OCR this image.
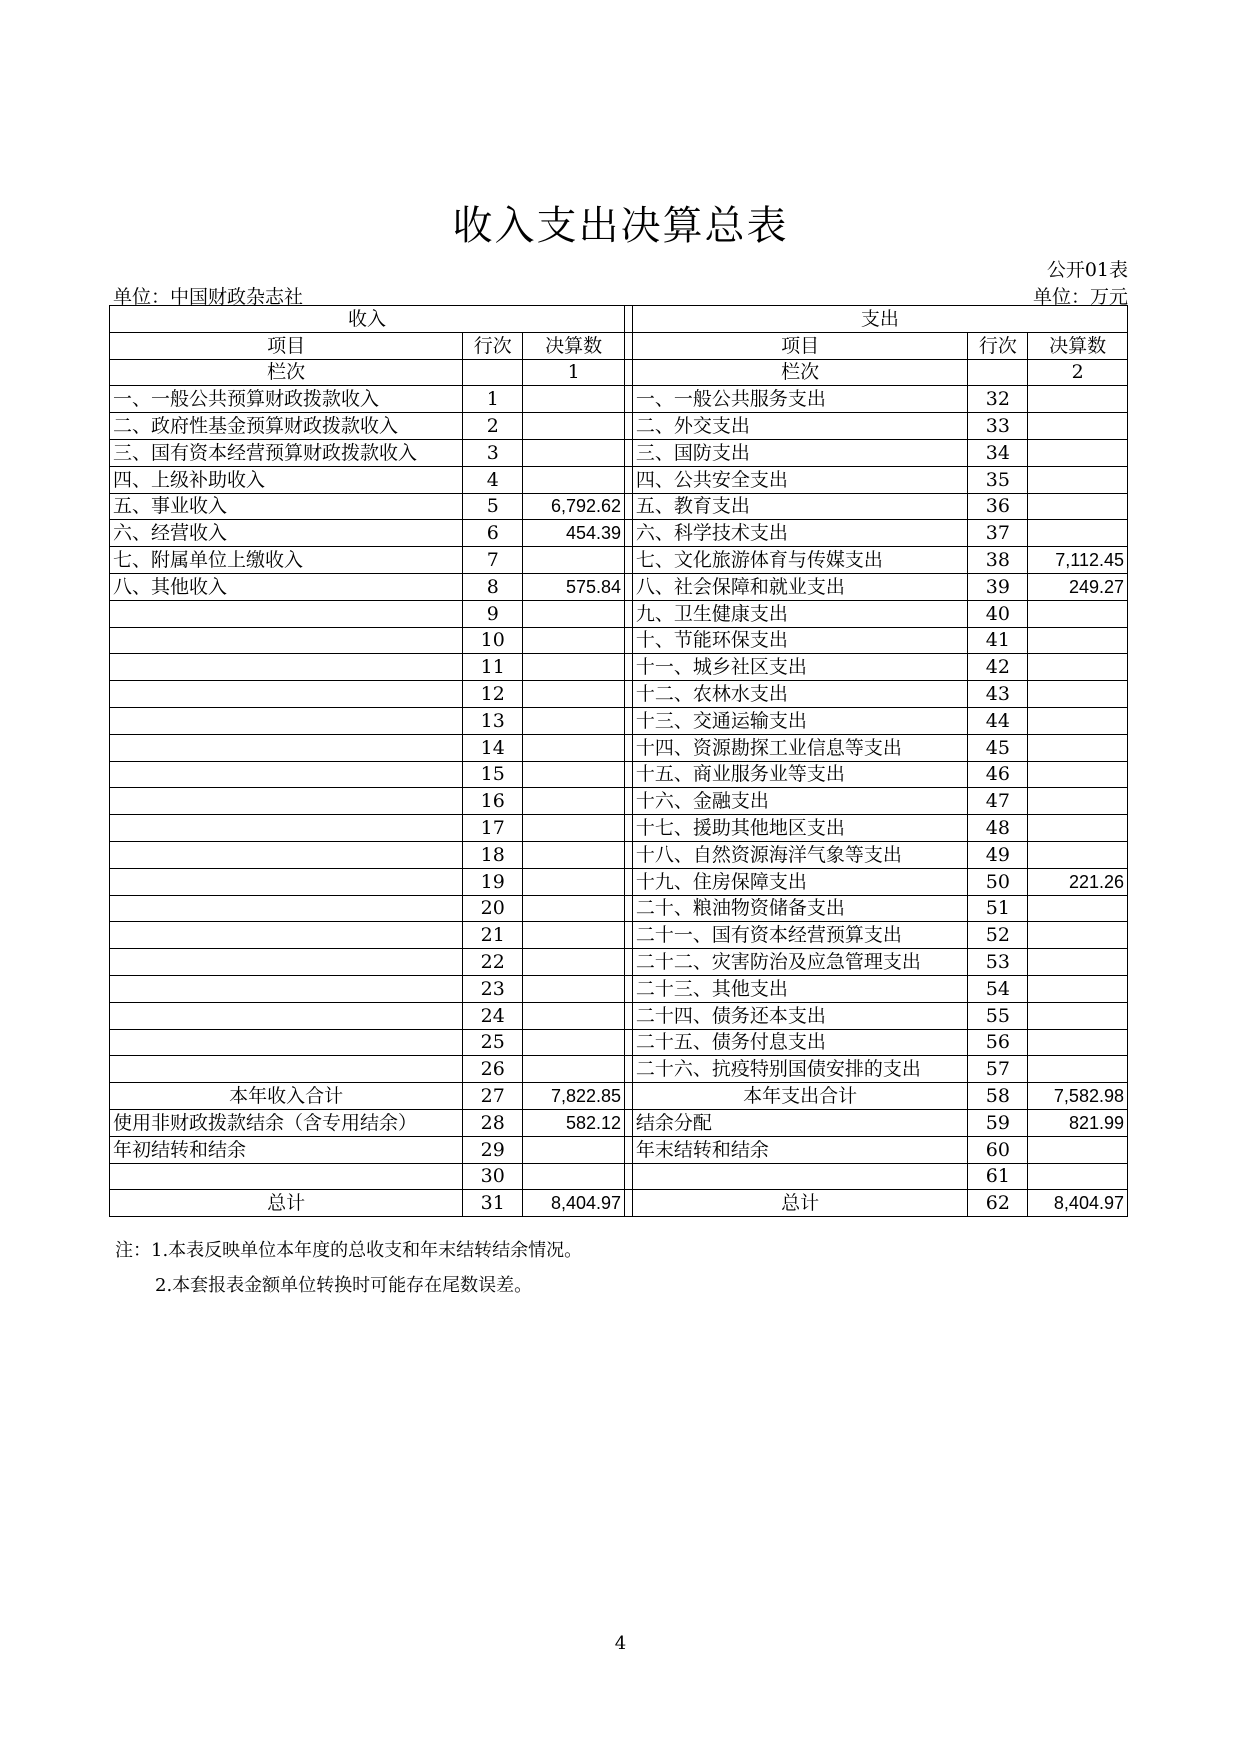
收入支出决算总表
公开01表
单位：中国财政杂志社	单位：万元
收入				支出		
项目	行次	决算数		项目	行次	决算数
栏次		1		栏次		2
一、一般公共预算财政拨款收入	1			一、一般公共服务支出	32	
二、政府性基金预算财政拨款收入	2			二、外交支出	33	
三、国有资本经营预算财政拨款收入	3			三、国防支出	34	
四、上级补助收入	4			四、公共安全支出	35	
五、事业收入	5	6,792.62		五、教育支出	36	
六、经营收入	6	454.39		六、科学技术支出	37	
七、附属单位上缴收入	7			七、文化旅游体育与传媒支出	38	7,112.45
八、其他收入	8	575.84		八、社会保障和就业支出	39	249.27
	9			九、卫生健康支出	40	
	10			十、节能环保支出	41	
	11			十一、城乡社区支出	42	
	12			十二、农林水支出	43	
	13			十三、交通运输支出	44	
	14			十四、资源勘探工业信息等支出	45	
	15			十五、商业服务业等支出	46	
	16			十六、金融支出	47	
	17			十七、援助其他地区支出	48	
	18			十八、自然资源海洋气象等支出	49	
	19			十九、住房保障支出	50	221.26
	20			二十、粮油物资储备支出	51	
	21			二十一、国有资本经营预算支出	52	
	22			二十二、灾害防治及应急管理支出	53	
	23			二十三、其他支出	54	
	24			二十四、债务还本支出	55	
	25			二十五、债务付息支出	56	
	26			二十六、抗疫特别国债安排的支出	57	
本年收入合计	27	7,822.85		本年支出合计	58	7,582.98
使用非财政拨款结余（含专用结余）	28	582.12		结余分配	59	821.99
年初结转和结余	29			年末结转和结余	60	
	30				61	
总计	31	8,404.97		总计	62	8,404.97
注：1.本表反映单位本年度的总收支和年末结转结余情况。
2.本套报表金额单位转换时可能存在尾数误差。
4
